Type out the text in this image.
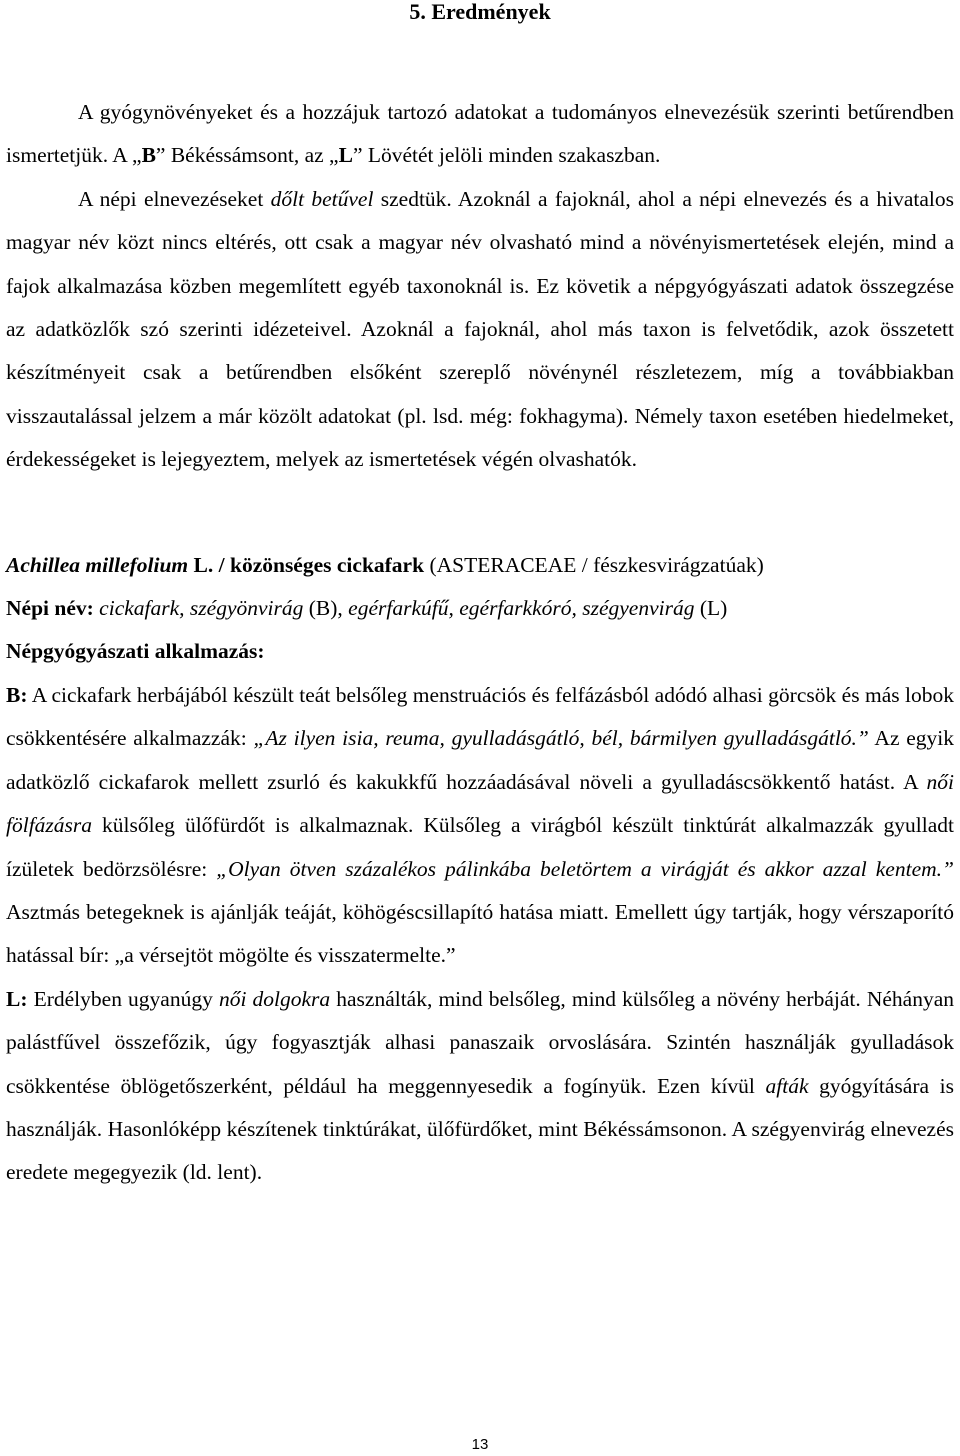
5. Eredmények

A gyógynövényeket és a hozzájuk tartozó adatokat a tudományos elnevezésük szerinti betűrendben ismertetjük. A „B” Békéssámsont, az „L” Lövétét jelöli minden szakaszban.

A népi elnevezéseket dőlt betűvel szedtük. Azoknál a fajoknál, ahol a népi elnevezés és a hivatalos magyar név közt nincs eltérés, ott csak a magyar név olvasható mind a növényismertetések elején, mind a fajok alkalmazása közben megemlített egyéb taxonoknál is. Ez követik a népgyógyászati adatok összegzése az adatközlők szó szerinti idézeteivel. Azoknál a fajoknál, ahol más taxon is felvetődik, azok összetett készítményeit csak a betűrendben elsőként szereplő növénynél részletezem, míg a továbbiakban visszautalással jelzem a már közölt adatokat (pl. lsd. még: fokhagyma). Némely taxon esetében hiedelmeket, érdekességeket is lejegyeztem, melyek az ismertetések végén olvashatók.

Achillea millefolium L. / közönséges cickafark (ASTERACEAE / fészkesvirágzatúak)

Népi név: cickafark, szégyönvirág (B), egérfarkúfű, egérfarkkóró, szégyenvirág (L)

Népgyógyászati alkalmazás:

B: A cickafark herbájából készült teát belsőleg menstruációs és felfázásból adódó alhasi görcsök és más lobok csökkentésére alkalmazzák: „Az ilyen isia, reuma, gyulladásgátló, bél, bármilyen gyulladásgátló.” Az egyik adatközlő cickafarok mellett zsurló és kakukkfű hozzáadásával növeli a gyulladáscsökkentő hatást. A női fölfázásra külsőleg ülőfürdőt is alkalmaznak. Külsőleg a virágból készült tinktúrát alkalmazzák gyulladt ízületek bedörzsölésre: „Olyan ötven százalékos pálinkába beletörtem a virágját és akkor azzal kentem.” Asztmás betegeknek is ajánlják teáját, köhögéscsillapító hatása miatt. Emellett úgy tartják, hogy vérszaporító hatással bír: „a vérsejtöt mögölte és visszatermelte.”

L: Erdélyben ugyanúgy női dolgokra használták, mind belsőleg, mind külsőleg a növény herbáját. Néhányan palástfűvel összefőzik, úgy fogyasztják alhasi panaszaik orvoslására. Szintén használják gyulladások csökkentése öblögetőszerként, például ha meggennyesedik a fogínyük. Ezen kívül afták gyógyítására is használják. Hasonlóképp készítenek tinktúrákat, ülőfürdőket, mint Békéssámsonon. A szégyenvirág elnevezés eredete megegyezik (ld. lent).

13
